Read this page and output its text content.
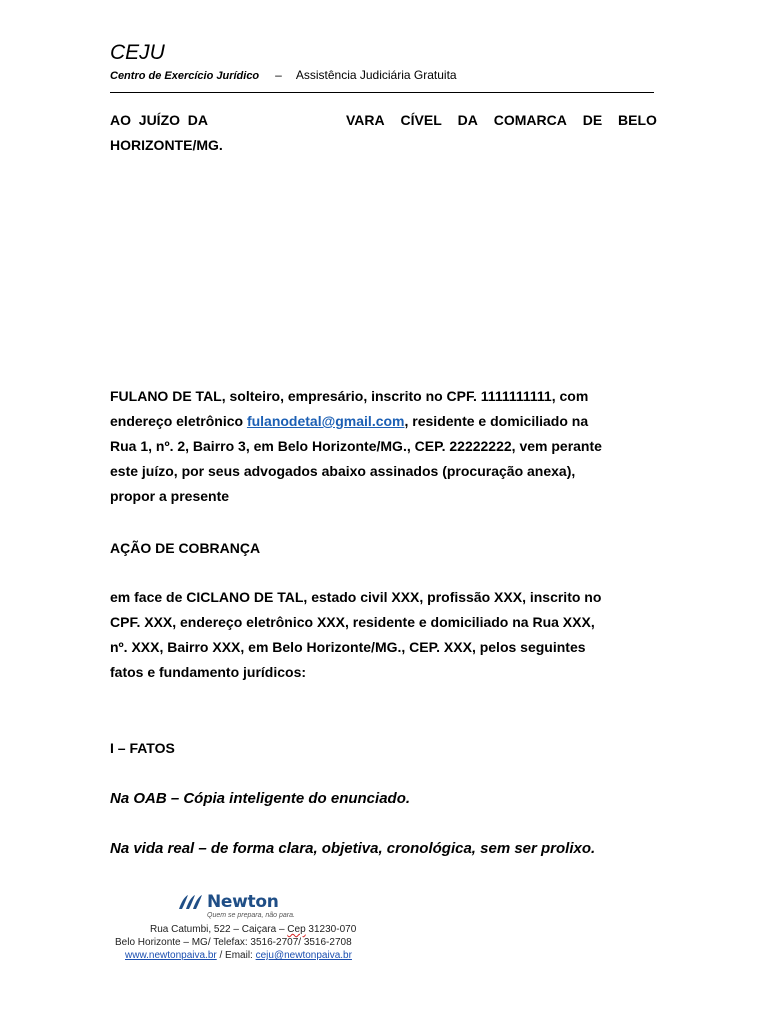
CEJU
Centro de Exercício Jurídico – Assistência Judiciária Gratuita
AO JUÍZO DA	VARA CÍVEL DA COMARCA DE BELO
HORIZONTE/MG.

FULANO DE TAL, solteiro, empresário, inscrito no CPF. 1111111111, com

endereço eletrônico fulanodetal@gmail.com, residente e domiciliado na

Rua 1, nº. 2, Bairro 3, em Belo Horizonte/MG., CEP. 22222222, vem perante

este juízo, por seus advogados abaixo assinados (procuração anexa),

propor a presente

AÇÃO DE COBRANÇA

em face de CICLANO DE TAL, estado civil XXX, profissão XXX, inscrito no

CPF. XXX, endereço eletrônico XXX, residente e domiciliado na Rua XXX,

nº. XXX, Bairro XXX, em Belo Horizonte/MG., CEP. XXX, pelos seguintes

fatos e fundamento jurídicos:

I – FATOS
Na OAB – Cópia inteligente do enunciado.
Na vida real – de forma clara, objetiva, cronológica, sem ser prolixo.
Newton
Quem se prepara, não para.
Rua Catumbi, 522 – Caiçara – Cep 31230-070
Belo Horizonte – MG/ Telefax: 3516-2707/ 3516-2708
www.newtonpaiva.br / Email: ceju@newtonpaiva.br
